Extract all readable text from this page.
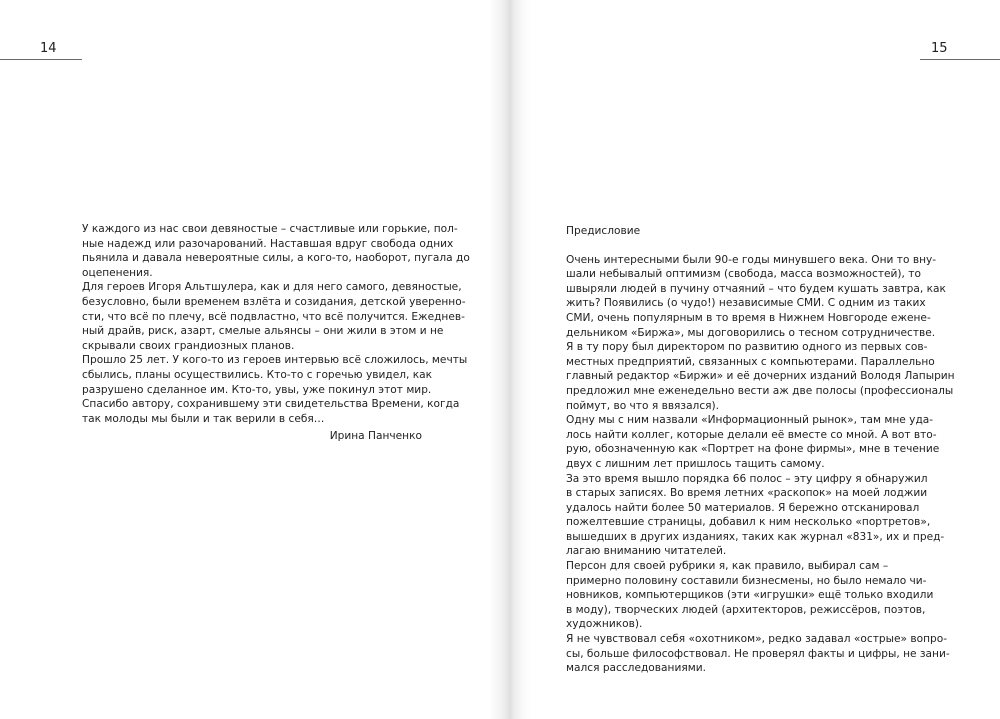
14
У каждого из нас свои девяностые – счастливые или горькие, пол-
ные надежд или разочарований. Наставшая вдруг свобода одних
пьянила и давала невероятные силы, а кого-то, наоборот, пугала до
оцепенения.
Для героев Игоря Альтшулера, как и для него самого, девяностые,
безусловно, были временем взлёта и созидания, детской уверенно-
сти, что всё по плечу, всё подвластно, что всё получится. Ежеднев-
ный драйв, риск, азарт, смелые альянсы – они жили в этом и не
скрывали своих грандиозных планов.
Прошло 25 лет. У кого-то из героев интервью всё сложилось, мечты
сбылись, планы осуществились. Кто-то с горечью увидел, как
разрушено сделанное им. Кто-то, увы, уже покинул этот мир.
Спасибо автору, сохранившему эти свидетельства Времени, когда
так молоды мы были и так верили в себя…
Ирина Панченко
15
Предисловие
Очень интересными были 90-е годы минувшего века. Они то вну-
шали небывалый оптимизм (свобода, масса возможностей), то
швыряли людей в пучину отчаяний – что будем кушать завтра, как
жить? Появились (о чудо!) независимые СМИ. С одним из таких
СМИ, очень популярным в то время в Нижнем Новгороде еженe-
дельником «Биржа», мы договорились о тесном сотрудничестве.
Я в ту пору был директором по развитию одного из первых сов-
местных предприятий, связанных с компьютерами. Параллельно
главный редактор «Биржи» и её дочерних изданий Володя Лапырин
предложил мне еженедельно вести аж две полосы (профессионалы
поймут, во что я ввязался).
Одну мы с ним назвали «Информационный рынок», там мне уда-
лось найти коллег, которые делали её вместе со мной. А вот вто-
рую, обозначенную как «Портрет на фоне фирмы», мне в течение
двух с лишним лет пришлось тащить самому.
За это время вышло порядка 66 полос – эту цифру я обнаружил
в старых записях. Во время летних «раскопок» на моей лоджии
удалось найти более 50 материалов. Я бережно отсканировал
пожелтевшие страницы, добавил к ним несколько «портретов»,
вышедших в других изданиях, таких как журнал «831», их и пред-
лагаю вниманию читателей.
Персон для своей рубрики я, как правило, выбирал сам –
примерно половину составили бизнесмены, но было немало чи-
новников, компьютерщиков (эти «игрушки» ещё только входили
в моду), творческих людей (архитекторов, режиссёров, поэтов,
художников).
Я не чувствовал себя «охотником», редко задавал «острые» вопро-
сы, больше философствовал. Не проверял факты и цифры, не зани-
мался расследованиями.
